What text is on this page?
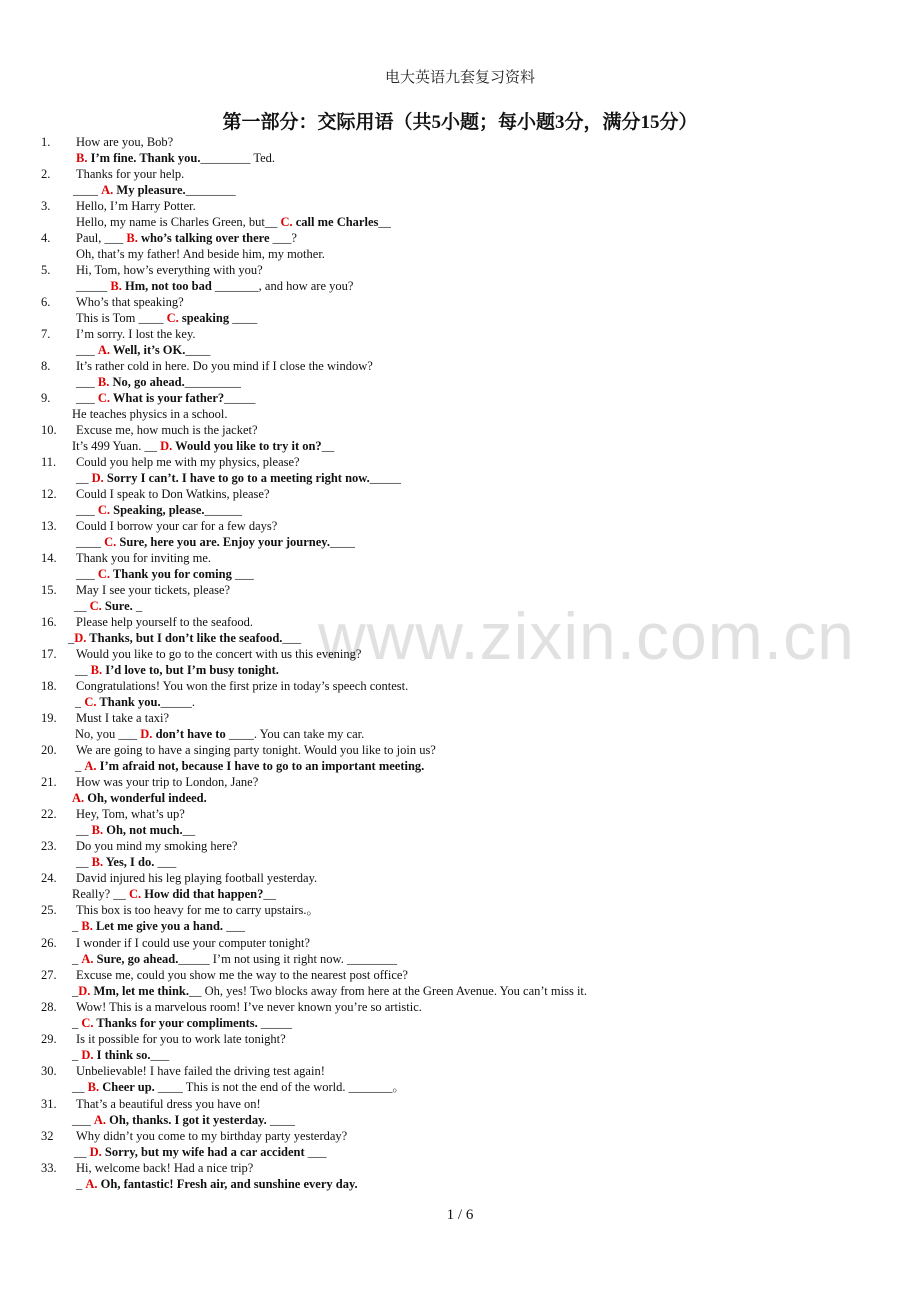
电大英语九套复习资料
第一部分：交际用语（共5小题；每小题3分，满分15分）
www.zixin.com.cn
1. How are you, Bob?
B. I’m fine. Thank you.________ Ted.
2. Thanks for your help.
____ A. My pleasure.________
3. Hello, I’m Harry Potter.
Hello, my name is Charles Green, but__ C. call me Charles__
4. Paul, ___ B. who’s talking over there ___?
Oh, that’s my father! And beside him, my mother.
5. Hi, Tom, how’s everything with you?
_____ B. Hm, not too bad _______, and how are you?
6. Who’s that speaking?
This is Tom ____ C. speaking ____
7. I’m sorry. I lost the key.
___ A. Well, it’s OK.____
8. It’s rather cold in here. Do you mind if I close the window?
___ B. No, go ahead._________
9. ___ C. What is your father?_____
He teaches physics in a school.
10. Excuse me, how much is the jacket?
It’s 499 Yuan. __ D. Would you like to try it on?__
11. Could you help me with my physics, please?
__ D. Sorry I can’t. I have to go to a meeting right now._____
12. Could I speak to Don Watkins, please?
___ C. Speaking, please.______
13. Could I borrow your car for a few days?
____ C. Sure, here you are. Enjoy your journey.____
14. Thank you for inviting me.
___ C. Thank you for coming ___
15. May I see your tickets, please?
__ C. Sure. _
16. Please help yourself to the seafood.
_D. Thanks, but I don’t like the seafood.___
17. Would you like to go to the concert with us this evening?
__ B. I’d love to, but I’m busy tonight.
18. Congratulations! You won the first prize in today’s speech contest.
_ C. Thank you._____.
19. Must I take a taxi?
No, you ___ D. don’t have to ____. You can take my car.
20. We are going to have a singing party tonight. Would you like to join us?
_ A. I’m afraid not, because I have to go to an important meeting.
21. How was your trip to London, Jane?
A. Oh, wonderful indeed.
22. Hey, Tom, what’s up?
__ B. Oh, not much.__
23. Do you mind my smoking here?
__ B. Yes, I do. ___
24. David injured his leg playing football yesterday.
Really? __ C. How did that happen?__
25. This box is too heavy for me to carry upstairs.。
_ B. Let me give you a hand. ___
26. I wonder if I could use your computer tonight?
_ A. Sure, go ahead._____ I’m not using it right now. ________
27. Excuse me, could you show me the way to the nearest post office?
_D. Mm, let me think.__ Oh, yes! Two blocks away from here at the Green Avenue. You can’t miss it.
28. Wow! This is a marvelous room! I’ve never known you’re so artistic.
_ C. Thanks for your compliments. _____
29. Is it possible for you to work late tonight?
_ D. I think so.___
30. Unbelievable! I have failed the driving test again!
__ B. Cheer up. ____ This is not the end of the world. _______。
31. That’s a beautiful dress you have on!
___ A. Oh, thanks. I got it yesterday. ____
32 Why didn’t you come to my birthday party yesterday?
__ D. Sorry, but my wife had a car accident ___
33. Hi, welcome back! Had a nice trip?
_ A. Oh, fantastic! Fresh air, and sunshine every day.
1 / 6
